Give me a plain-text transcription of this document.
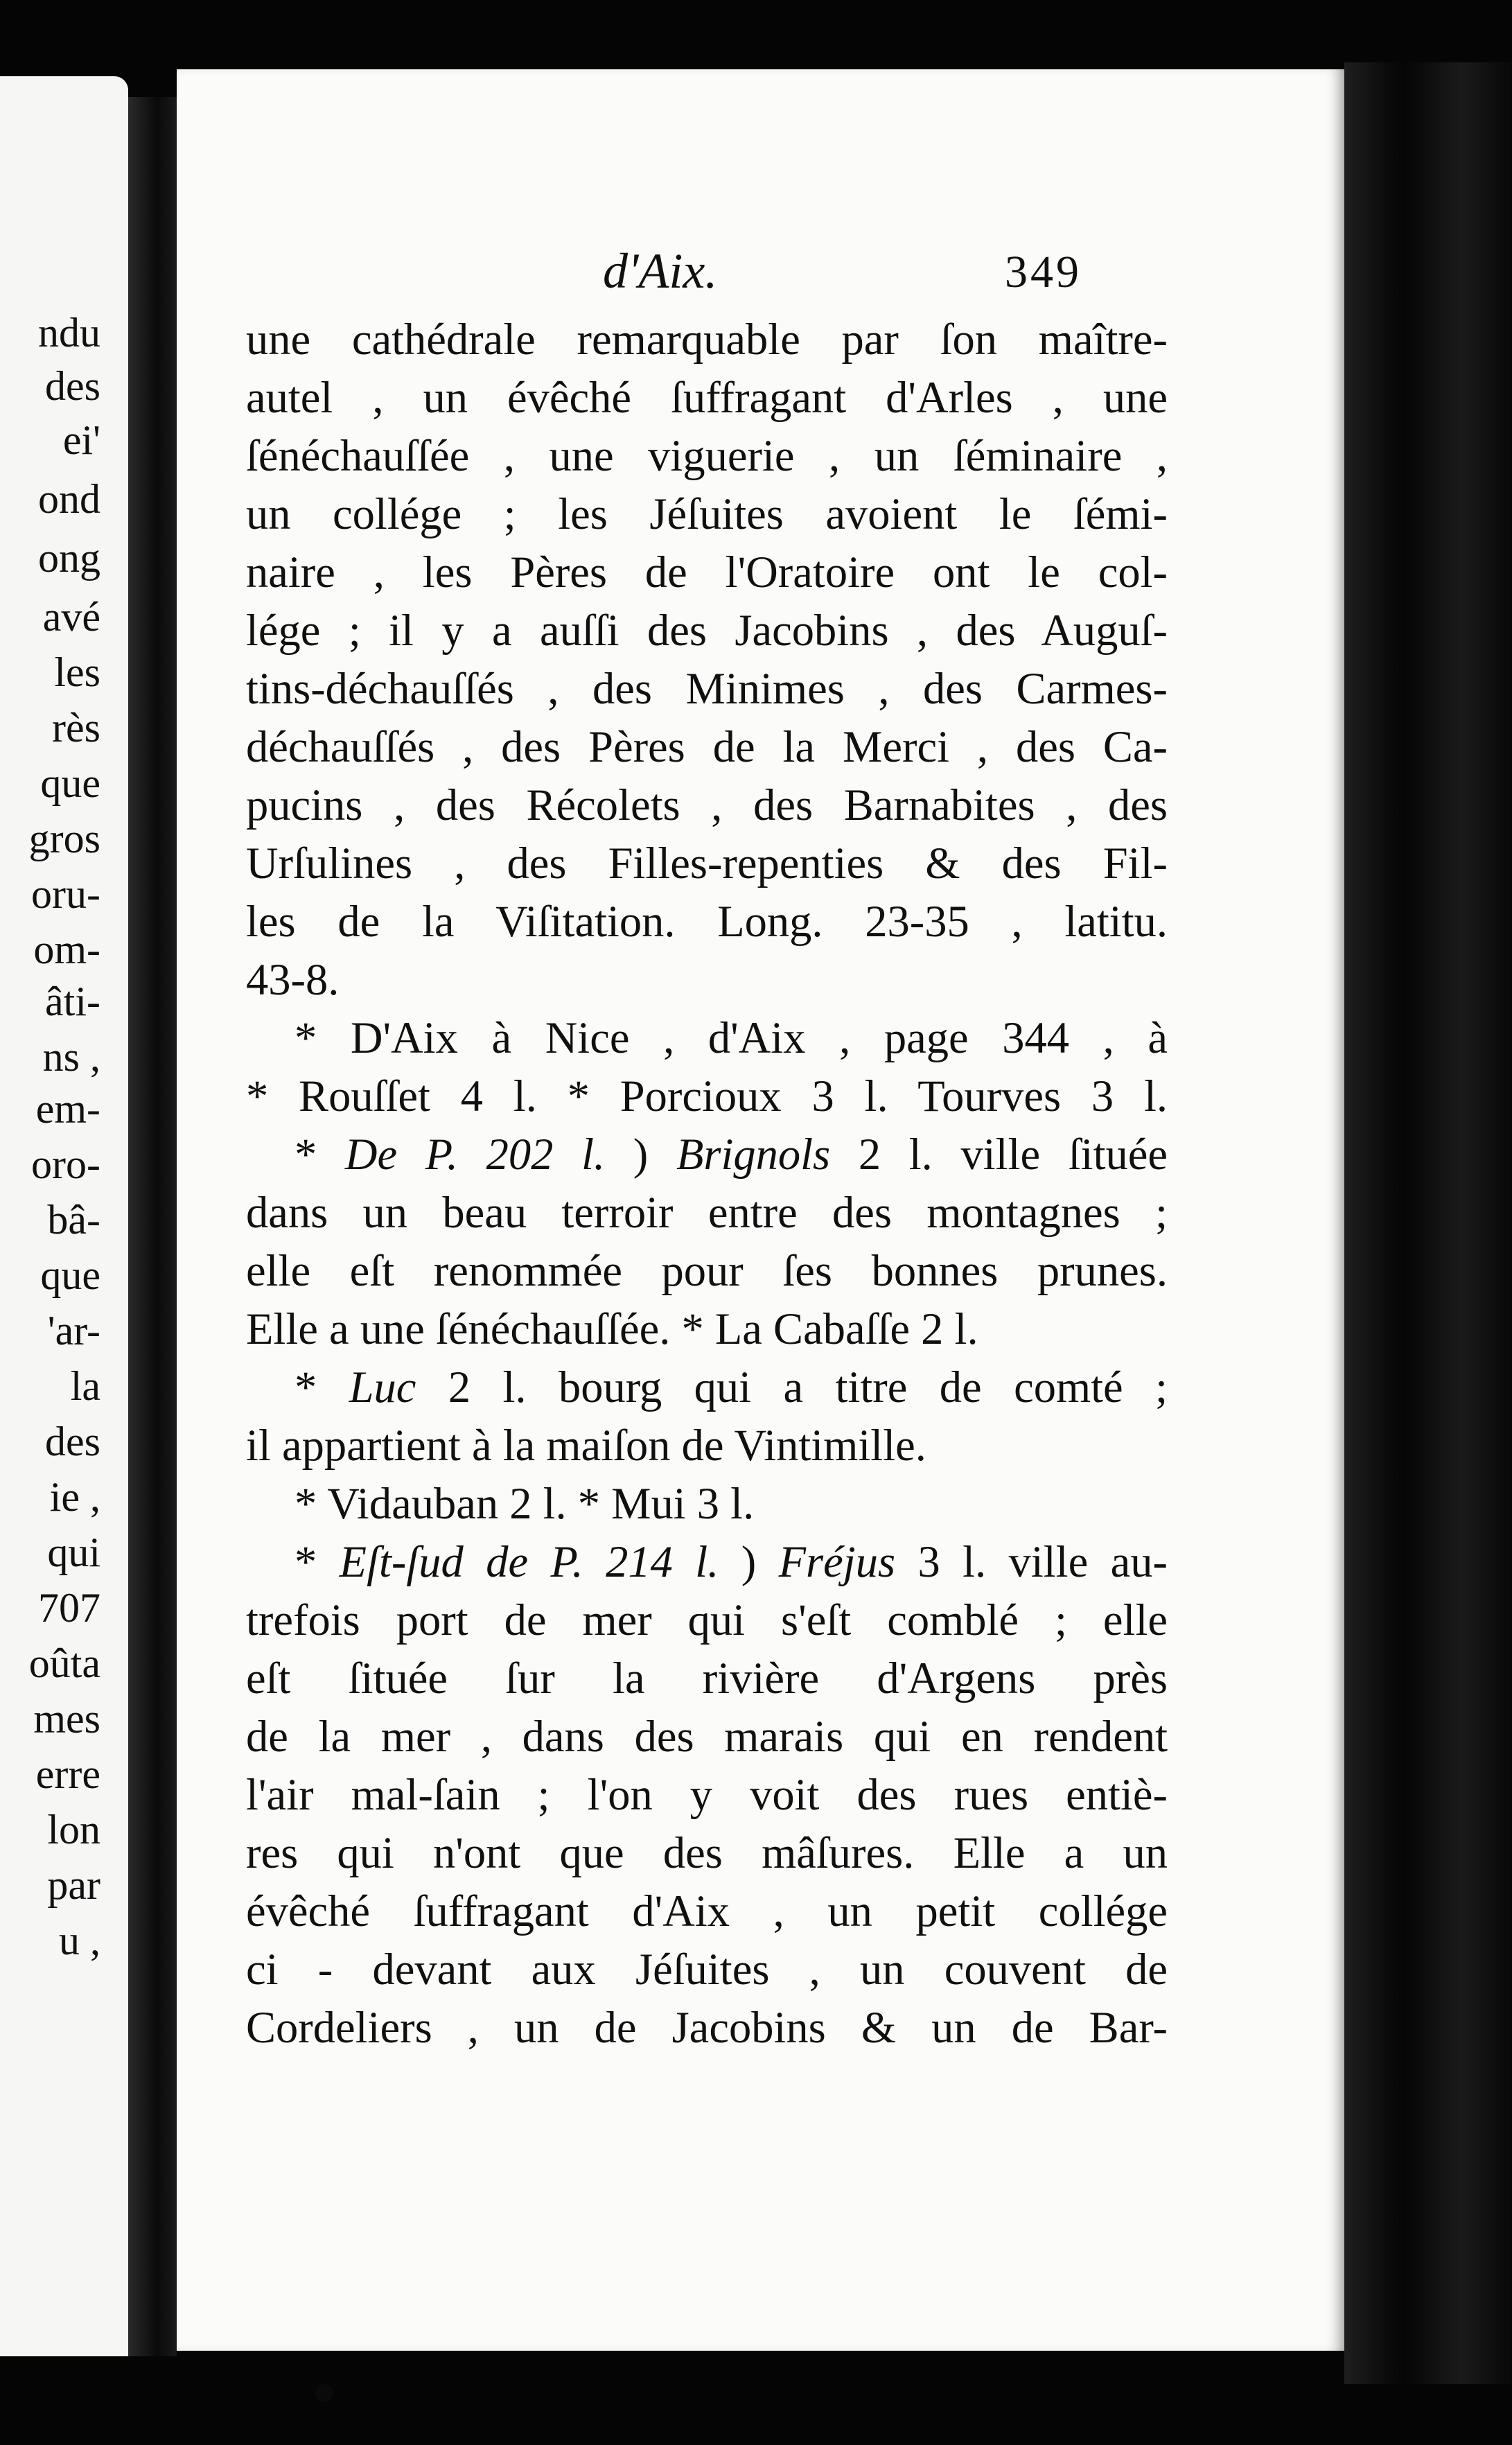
ndu
des
ei'
ond
ong
avé
les
rès
que
gros
oru-
om-
âti-
ns ,
em-
oro-
bâ-
que
'ar-
la
des
ie ,
qui
707
oûta
mes
erre
lon
par
u ,
d'Aix.	349
une cathédrale remarquable par ſon maître-
autel , un évêché ſuffragant d'Arles , une
ſénéchauſſée , une viguerie , un ſéminaire ,
un collége ; les Jéſuites avoient le ſémi-
naire , les Pères de l'Oratoire ont le col-
lége ; il y a auſſi des Jacobins , des Auguſ-
tins-déchauſſés , des Minimes , des Carmes-
déchauſſés , des Pères de la Merci , des Ca-
pucins , des Récolets , des Barnabites , des
Urſulines , des Filles-repenties & des Fil-
les de la Viſitation. Long. 23-35 , latitu.
43-8.
* D'Aix à Nice , d'Aix , page 344 , à
* Rouſſet 4 l. * Porcioux 3 l. Tourves 3 l.
* De P. 202 l. ) Brignols 2 l. ville ſituée
dans un beau terroir entre des montagnes ;
elle eſt renommée pour ſes bonnes prunes.
Elle a une ſénéchauſſée. * La Cabaſſe 2 l.
* Luc 2 l. bourg qui a titre de comté ;
il appartient à la maiſon de Vintimille.
* Vidauban 2 l. * Mui 3 l.
* Eſt-ſud de P. 214 l. ) Fréjus 3 l. ville au-
trefois port de mer qui s'eſt comblé ; elle
eſt ſituée ſur la rivière d'Argens près
de la mer , dans des marais qui en rendent
l'air mal-ſain ; l'on y voit des rues entiè-
res qui n'ont que des mâſures. Elle a un
évêché ſuffragant d'Aix , un petit collége
ci - devant aux Jéſuites , un couvent de
Cordeliers , un de Jacobins & un de Bar-
